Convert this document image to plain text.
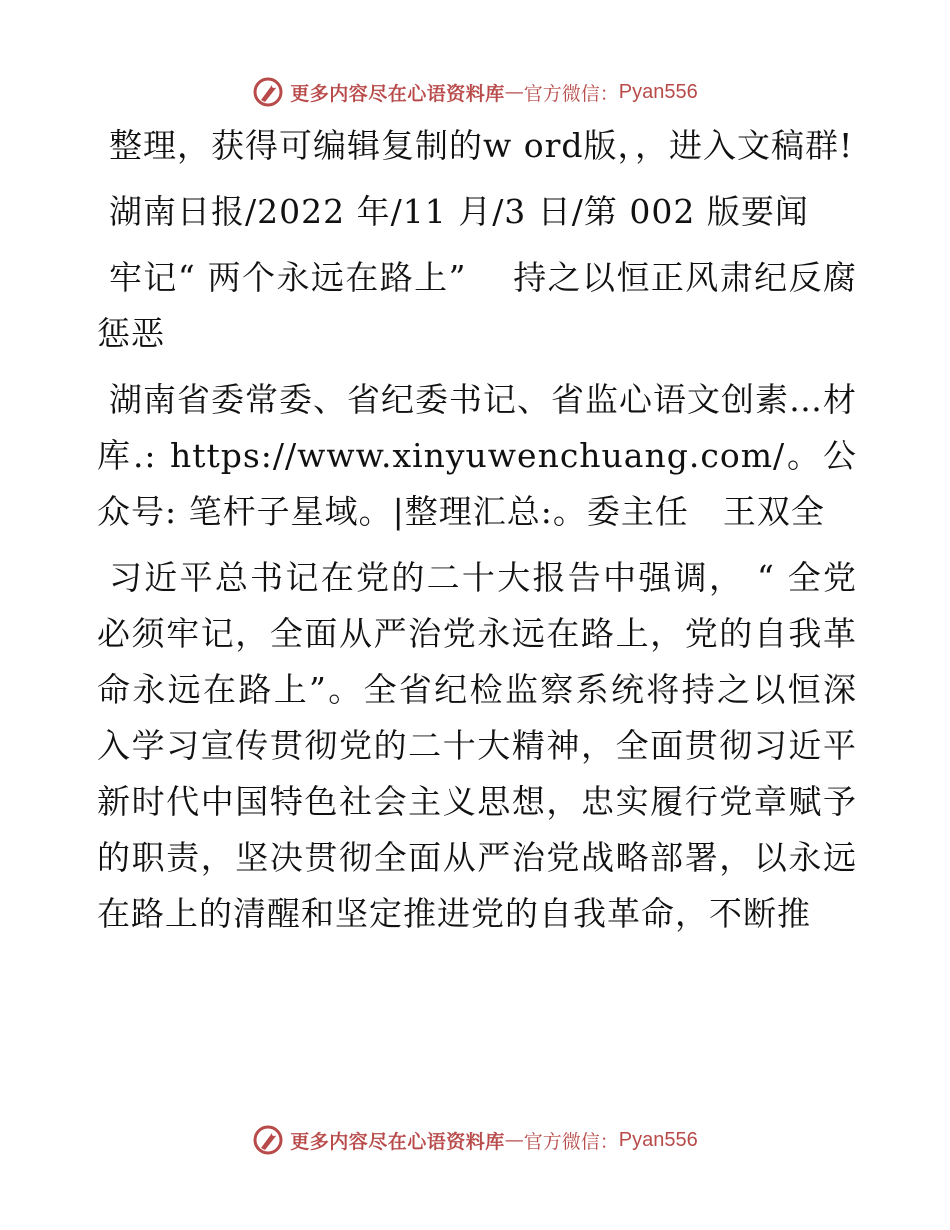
更多内容尽在心语资料库 — 官方微信： Pyan556

整理，获得可编辑复制的w ord版，，进入文稿群!

湖南日报/2022 年/11 月/3 日/第 002 版要闻

牢记“ 两个永远在路上”　 持之以恒正风肃纪反腐惩恶

湖南省委常委、省纪委书记、省监心语文创素…材库.: https://www.xinyuwenchuang.com/。公众号: 笔杆子星域。|整理汇总:。委主任　王双全

习近平总书记在党的二十大报告中强调， “ 全党必须牢记，全面从严治党永远在路上，党的自我革命永远在路上”。全省纪检监察系统将持之以恒深入学习宣传贯彻党的二十大精神，全面贯彻习近平新时代中国特色社会主义思想，忠实履行党章赋予的职责，坚决贯彻全面从严治党战略部署，以永远在路上的清醒和坚定推进党的自我革命，不断推

更多内容尽在心语资料库 — 官方微信： Pyan556
